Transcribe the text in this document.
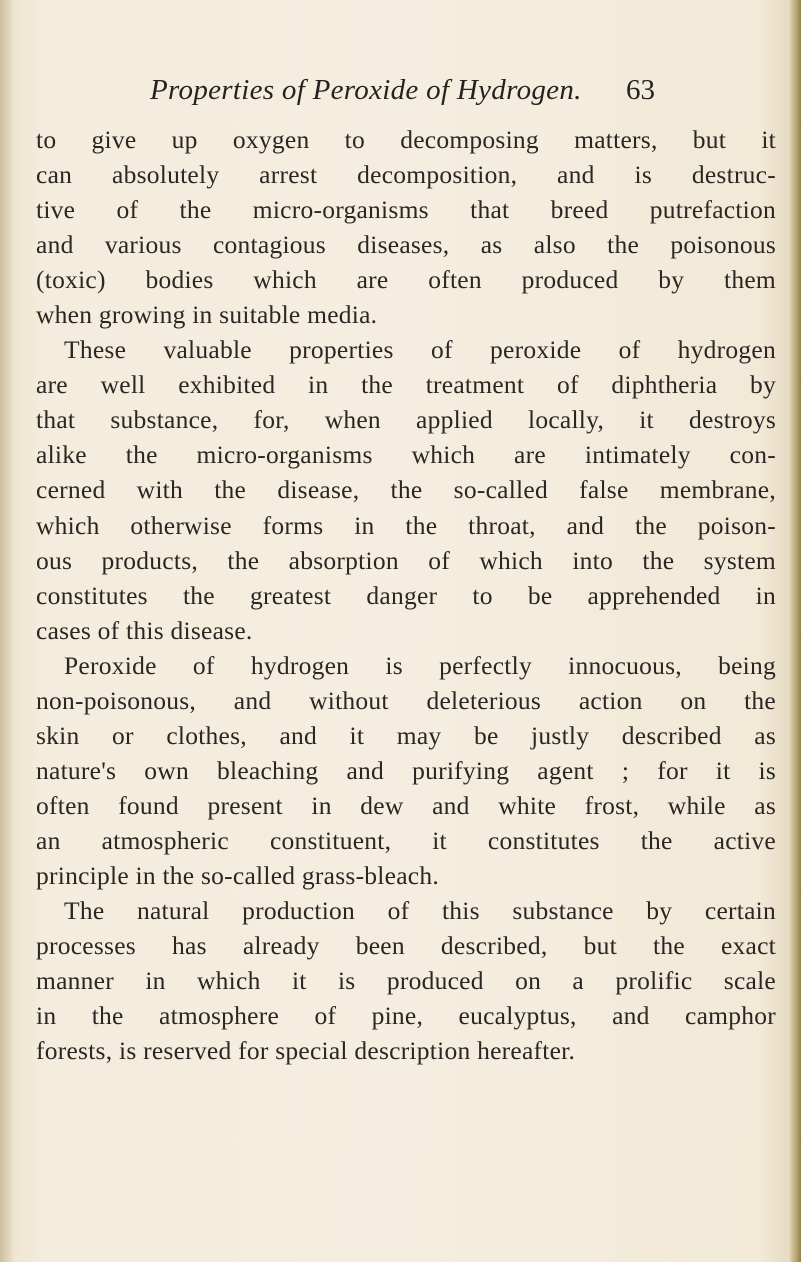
Properties of Peroxide of Hydrogen. 63
to give up oxygen to decomposing matters, but it
can absolutely arrest decomposition, and is destruc-
tive of the micro-organisms that breed putrefaction
and various contagious diseases, as also the poisonous
(toxic) bodies which are often produced by them
when growing in suitable media.
These valuable properties of peroxide of hydrogen
are well exhibited in the treatment of diphtheria by
that substance, for, when applied locally, it destroys
alike the micro-organisms which are intimately con-
cerned with the disease, the so-called false membrane,
which otherwise forms in the throat, and the poison-
ous products, the absorption of which into the system
constitutes the greatest danger to be apprehended in
cases of this disease.
Peroxide of hydrogen is perfectly innocuous, being
non-poisonous, and without deleterious action on the
skin or clothes, and it may be justly described as
nature's own bleaching and purifying agent ; for it is
often found present in dew and white frost, while as
an atmospheric constituent, it constitutes the active
principle in the so-called grass-bleach.
The natural production of this substance by certain
processes has already been described, but the exact
manner in which it is produced on a prolific scale
in the atmosphere of pine, eucalyptus, and camphor
forests, is reserved for special description hereafter.
